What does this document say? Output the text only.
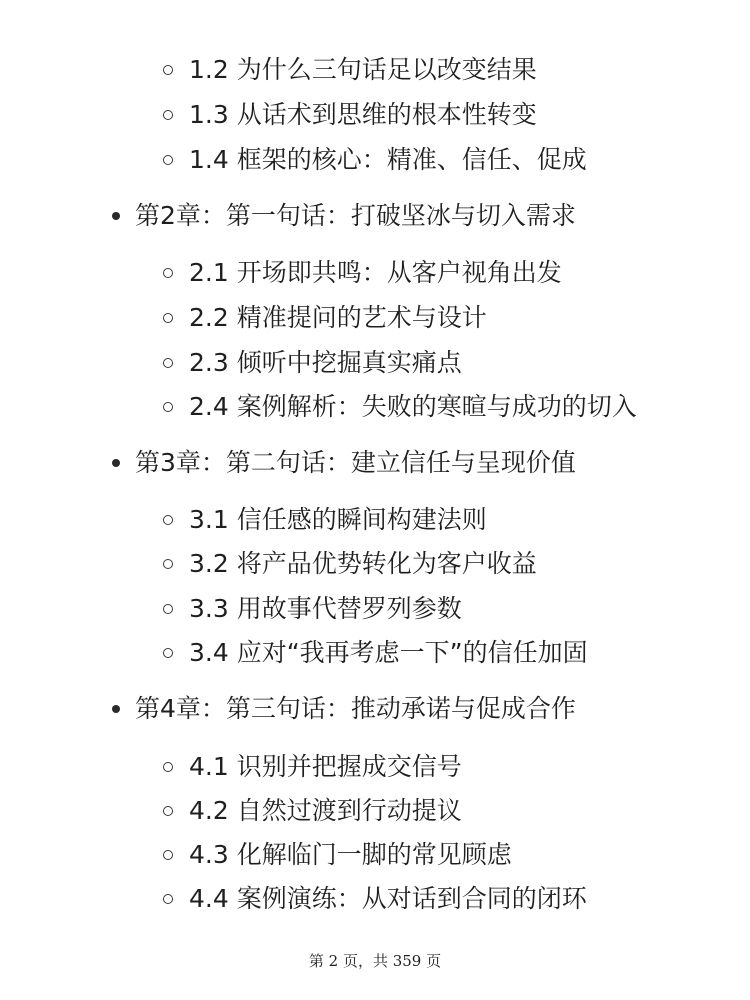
1.2 为什么三句话足以改变结果
1.3 从话术到思维的根本性转变
1.4 框架的核心：精准、信任、促成
第2章：第一句话：打破坚冰与切入需求
2.1 开场即共鸣：从客户视角出发
2.2 精准提问的艺术与设计
2.3 倾听中挖掘真实痛点
2.4 案例解析：失败的寒暄与成功的切入
第3章：第二句话：建立信任与呈现价值
3.1 信任感的瞬间构建法则
3.2 将产品优势转化为客户收益
3.3 用故事代替罗列参数
3.4 应对“我再考虑一下”的信任加固
第4章：第三句话：推动承诺与促成合作
4.1 识别并把握成交信号
4.2 自然过渡到行动提议
4.3 化解临门一脚的常见顾虑
4.4 案例演练：从对话到合同的闭环
第 2 页，共 359 页
